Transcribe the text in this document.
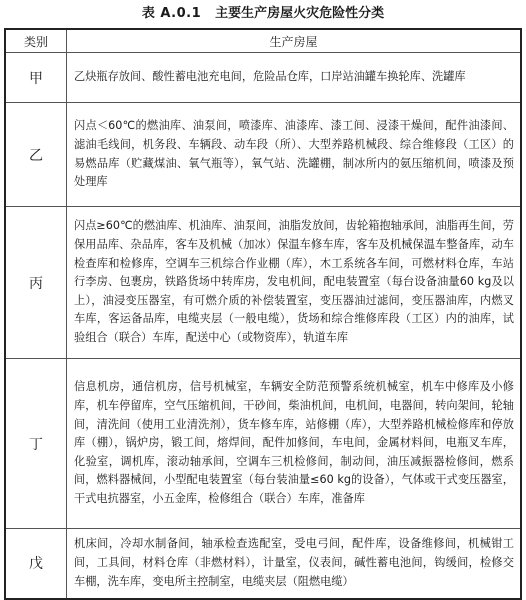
表 A.0.1 主要生产房屋火灾危险性分类
类别	生产房屋
甲	乙炔瓶存放间、酸性蓄电池充电间，危险品仓库，口岸站油罐车换轮库、洗罐库
乙	闪点＜60℃的燃油库、油泵间，喷漆库、油漆库、漆工间、浸漆干燥间，配件油漆间、滤油毛线间，机务段、车辆段、动车段（所）、大型养路机械段、综合维修段（工区）的易燃品库（贮藏煤油、氧气瓶等），氧气站、洗罐棚，制冰所内的氨压缩机间，喷漆及预处理库
丙	闪点≥60℃的燃油库、机油库、油泵间，油脂发放间，齿轮箱抱轴承间，油脂再生间，劳保用品库、杂品库，客车及机械（加冰）保温车修车库，客车及机械保温车整备库，动车检查库和检修库，空调车三机综合作业棚（库），木工系统各车间，可燃材料仓库，车站行李房、包裹房，铁路货场中转库房，发电机间，配电装置室（每台设备油量60 kg及以上），油浸变压器室，有可燃介质的补偿装置室，变压器油过滤间，变压器油库，内燃叉车库，客运备品库，电缆夹层（一般电缆），货场和综合维修库段（工区）内的油库，试验组合（联合）车库，配送中心（或物资库），轨道车库
丁	信息机房，通信机房，信号机械室，车辆安全防范预警系统机械室，机车中修库及小修库，机车停留库，空气压缩机间，干砂间，柴油机间，电机间，电器间，转向架间，轮轴间，清洗间（使用工业清洗剂），货车修车库，站修棚（库），大型养路机械检修库和停放库（棚），锅炉房，锻工间，熔焊间，配件加修间，车电间，金属材料间，电瓶叉车库，化验室，调机库，滚动轴承间，空调车三机检修间，制动间，油压减振器检修间，燃系间，燃料器械间，小型配电装置室（每台装油量≤60 kg的设备），气体或干式变压器室，干式电抗器室，小五金库，检修组合（联合）车库，准备库
戊	机床间，冷却水制备间，轴承检查选配室，受电弓间，配件库，设备维修间，机械钳工间，工具间，材料仓库（非燃材料），计量室，仪表间，碱性蓄电池间，钩缓间，检修交车棚，洗车库，变电所主控制室，电缆夹层（阻燃电缆）
